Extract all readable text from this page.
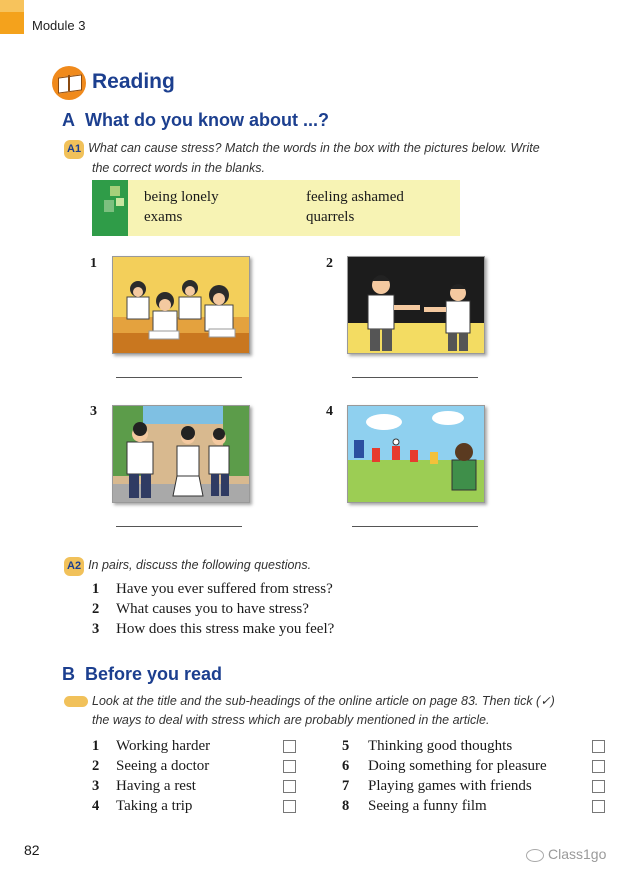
Module 3
Reading
A What do you know about ...?
A1 What can cause stress? Match the words in the box with the pictures below. Write
the correct words in the blanks.
being lonely	feeling ashamed
exams	quarrels
1	2
3	4
A2 In pairs, discuss the following questions.
1 Have you ever suffered from stress?
2 What causes you to have stress?
3 How does this stress make you feel?
B Before you read
Look at the title and the sub-headings of the online article on page 83. Then tick (✓)
the ways to deal with stress which are probably mentioned in the article.
1 Working harder
2 Seeing a doctor
3 Having a rest
4 Taking a trip
5 Thinking good thoughts
6 Doing something for pleasure
7 Playing games with friends
8 Seeing a funny film
82	Class1go
